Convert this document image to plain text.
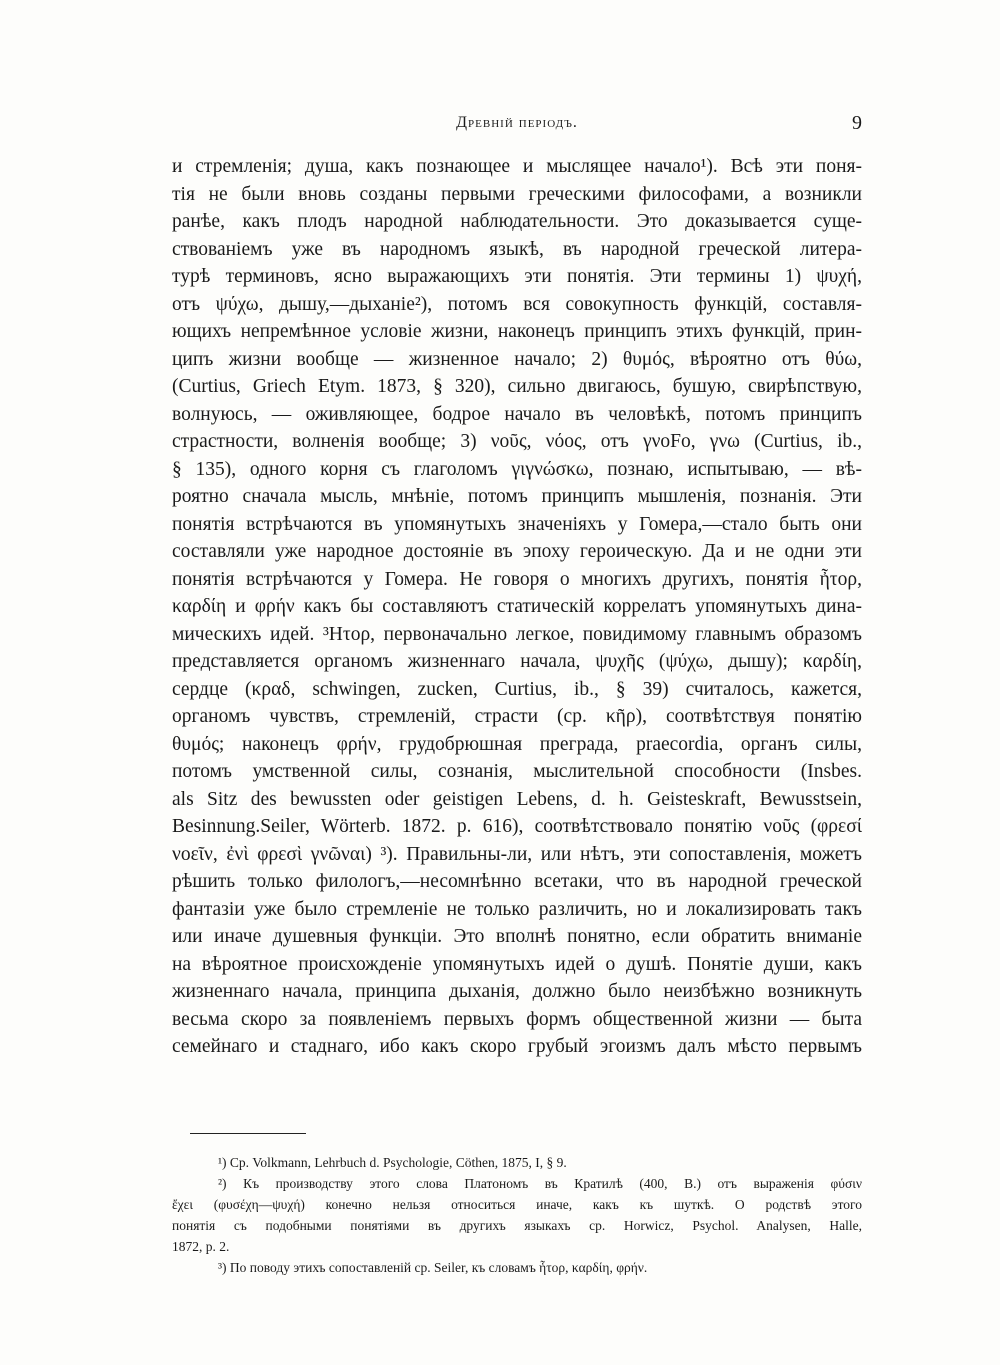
Древнiй перiодъ.	9
и стремленiя; душа, какъ познающее и мыслящее начало¹). Всѣ эти поня-
тiя не были вновь созданы первыми греческими философами, а возникли
ранѣе, какъ плодъ народной наблюдательности. Это доказывается суще-
ствованiемъ уже въ народномъ языкѣ, въ народной греческой литера-
турѣ терминовъ, ясно выражающихъ эти понятiя. Эти термины 1) ψυχή,
отъ ψύχω, дышу,—дыханiе²), потомъ вся совокупность функцiй, составля-
ющихъ непремѣнное условiе жизни, наконецъ принципъ этихъ функцiй, прин-
ципъ жизни вообще — жизненное начало; 2) θυμός, вѣроятно отъ θύω,
(Curtius, Griech Etym. 1873, § 320), сильно двигаюсь, бушую, свирѣпствую,
волнуюсь, — оживляющее, бодрое начало въ человѣкѣ, потомъ принципъ
страстности, волненiя вообще; 3) νοῦς, νόος, отъ γνoFo, γνω (Curtius, ib.,
§ 135), одного корня съ глаголомъ γιγνώσκω, познаю, испытываю, — вѣ-
роятно сначала мысль, мнѣнiе, потомъ принципъ мышленiя, познанiя. Эти
понятiя встрѣчаются въ упомянутыхъ значенiяхъ у Гомера,—стало быть они
составляли уже народное достоянiе въ эпоху героическую. Да и не одни эти
понятiя встрѣчаются у Гомера. Не говоря о многихъ другихъ, понятiя ἦτορ,
καρδίη и φρήν какъ бы составляютъ статическiй коррелатъ упомянутыхъ дина-
мическихъ идей. ³Ητορ, первоначально легкое, повидимому главнымъ образомъ
представляется органомъ жизненнаго начала, ψυχῆς (ψύχω, дышу); καρδίη,
сердце (κραδ, schwingen, zucken, Curtius, ib., § 39) считалось, кажется,
органомъ чувствъ, стремленiй, страсти (ср. κῆρ), соотвѣтствуя понятiю
θυμός; наконецъ φρήν, грудобрюшная преграда, praecordia, органъ силы,
потомъ умственной силы, сознанiя, мыслительной способности (Insbes.
als Sitz des bewussten oder geistigen Lebens, d. h. Geisteskraft, Bewusstsein,
Besinnung.Seiler, Wörterb. 1872. p. 616), соотвѣтствовало понятiю νοῦς (φρεσί
νοεῖν, ἐνὶ φρεσὶ γνῶναι) ³). Правильны-ли, или нѣтъ, эти сопоставленiя, можетъ
рѣшить только филологъ,—несомнѣнно всетаки, что въ народной греческой
фантазiи уже было стремленiе не только различить, но и локализировать такъ
или иначе душевныя функцiи. Это вполнѣ понятно, если обратить вниманiе
на вѣроятное происхожденiе упомянутыхъ идей о душѣ. Понятiе души, какъ
жизненнаго начала, принципа дыханiя, должно было неизбѣжно возникнуть
весьма скоро за появленiемъ первыхъ формъ общественной жизни — быта
семейнаго и стаднаго, ибо какъ скоро грубый эгоизмъ далъ мѣсто первымъ
¹) Ср. Volkmann, Lehrbuch d. Psychologie, Cöthen, 1875, I, § 9.
²) Къ производству этого слова Платономъ въ Кратилѣ (400, B.) отъ выраженiя φύσιν
ἔχει (φυσέχη—ψυχή) конечно нельзя относиться иначе, какъ къ шуткѣ. О родствѣ этого
понятiя съ подобными понятiями въ другихъ языкахъ ср. Horwicz, Psychol. Analysen, Halle,
1872, p. 2.
³) По поводу этихъ сопоставленiй ср. Seiler, къ словамъ ἦτορ, καρδίη, φρήν.
